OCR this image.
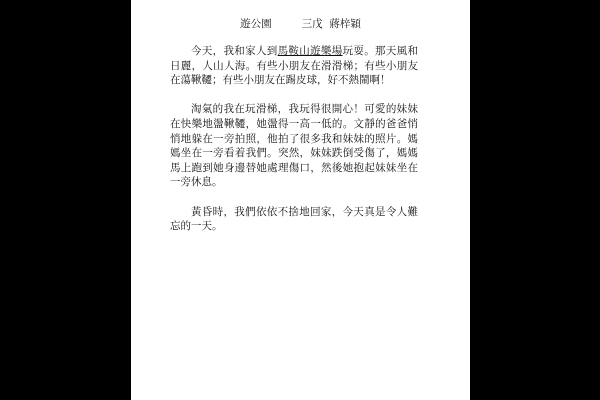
遊公園	三戊  蔣梓穎

今天，我和家人到馬鞍山遊樂場玩耍。那天風和日麗，人山人海。有些小朋友在滑滑梯；有些小朋友在蕩鞦韆；有些小朋友在踢皮球，好不熱鬧啊！

淘氣的我在玩滑梯，我玩得很開心！可愛的妹妹在快樂地盪鞦韆，她盪得一高一低的。文靜的爸爸悄悄地躲在一旁拍照，他拍了很多我和妹妹的照片。媽媽坐在一旁看着我們。突然，妹妹跌倒受傷了，媽媽馬上跑到她身邊替她處理傷口，然後她抱起妹妹坐在一旁休息。

黃昏時，我們依依不捨地回家，今天真是令人難忘的一天。
